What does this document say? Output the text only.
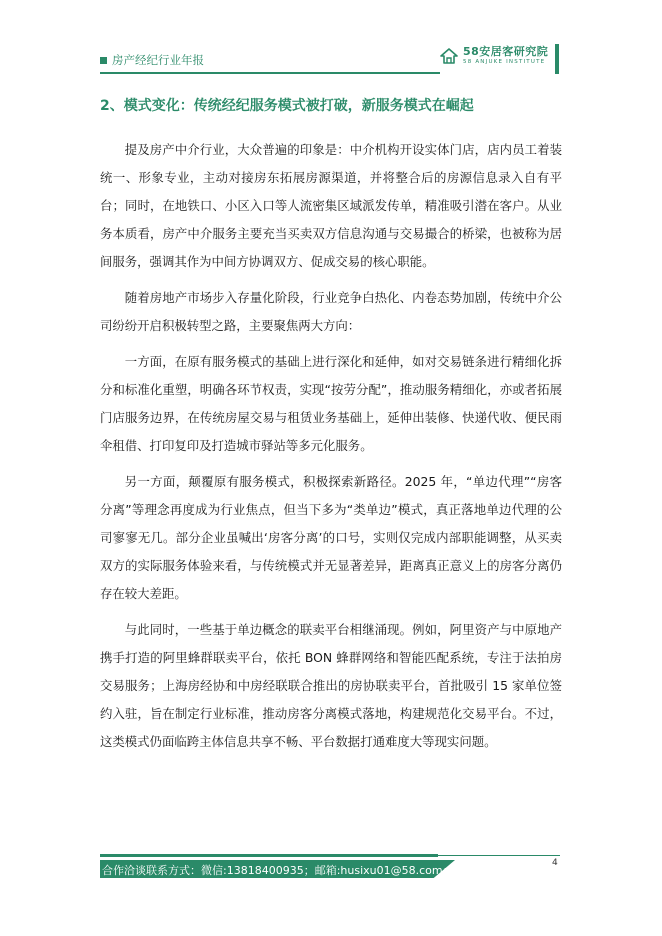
房产经纪行业年报
58安居客研究院
58 ANJUKE INSTITUTE
2、模式变化：传统经纪服务模式被打破，新服务模式在崛起

提及房产中介行业，大众普遍的印象是：中介机构开设实体门店，店内员工着装统一、形象专业，主动对接房东拓展房源渠道，并将整合后的房源信息录入自有平台；同时，在地铁口、小区入口等人流密集区域派发传单，精准吸引潜在客户。从业务本质看，房产中介服务主要充当买卖双方信息沟通与交易撮合的桥梁，也被称为居间服务，强调其作为中间方协调双方、促成交易的核心职能。

随着房地产市场步入存量化阶段，行业竞争白热化、内卷态势加剧，传统中介公司纷纷开启积极转型之路，主要聚焦两大方向：

一方面，在原有服务模式的基础上进行深化和延伸，如对交易链条进行精细化拆分和标准化重塑，明确各环节权责，实现“按劳分配”，推动服务精细化，亦或者拓展门店服务边界，在传统房屋交易与租赁业务基础上，延伸出装修、快递代收、便民雨伞租借、打印复印及打造城市驿站等多元化服务。

另一方面，颠覆原有服务模式，积极探索新路径。2025 年，“单边代理”“房客分离”等理念再度成为行业焦点，但当下多为“类单边”模式，真正落地单边代理的公司寥寥无几。部分企业虽喊出‘房客分离’的口号，实则仅完成内部职能调整，从买卖双方的实际服务体验来看，与传统模式并无显著差异，距离真正意义上的房客分离仍存在较大差距。

与此同时，一些基于单边概念的联卖平台相继涌现。例如，阿里资产与中原地产携手打造的阿里蜂群联卖平台，依托 BON 蜂群网络和智能匹配系统，专注于法拍房交易服务；上海房经协和中房经联联合推出的房协联卖平台，首批吸引 15 家单位签约入驻，旨在制定行业标准，推动房客分离模式落地，构建规范化交易平台。不过，这类模式仍面临跨主体信息共享不畅、平台数据打通难度大等现实问题。

合作洽谈联系方式：微信:13818400935；邮箱:husixu01@58.com；
4
